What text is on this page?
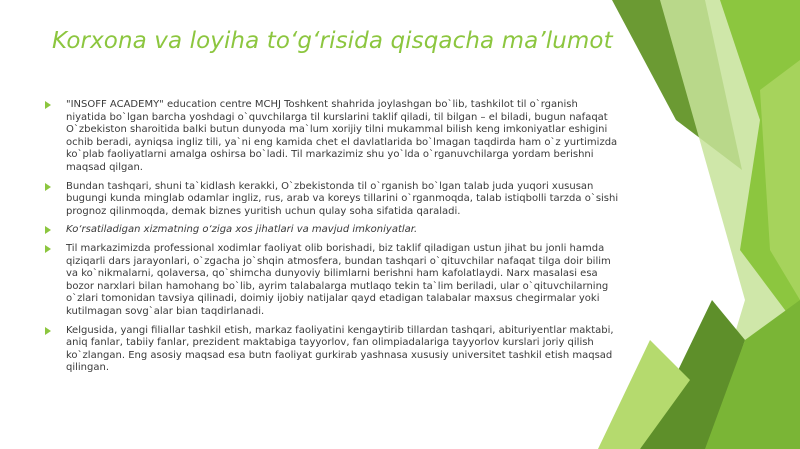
Korxona va loyiha to‘g‘risida qisqacha ma’lumot
"INSOFF ACADEMY" education centre MCHJ Toshkent shahrida joylashgan bo`lib, tashkilot til o`rganish niyatida bo`lgan barcha yoshdagi o`quvchilarga til kurslarini taklif qiladi, til bilgan – el biladi, bugun nafaqat O`zbekiston sharoitida balki butun dunyoda ma`lum xorijiy tilni mukammal bilish keng imkoniyatlar eshigini ochib beradi, ayniqsa ingliz tili, ya`ni eng kamida chet el davlatlarida bo`lmagan taqdirda ham o`z yurtimizda ko`plab faoliyatlarni amalga oshirsa bo`ladi. Til markazimiz shu yo`lda o`rganuvchilarga yordam berishni maqsad qilgan.
Bundan tashqari, shuni ta`kidlash kerakki, O`zbekistonda til o`rganish bo`lgan talab juda yuqori xususan bugungi kunda minglab odamlar ingliz, rus, arab va koreys tillarini o`rganmoqda, talab istiqbolli tarzda o`sishi prognoz qilinmoqda, demak biznes yuritish uchun qulay soha sifatida qaraladi.
Ko‘rsatiladigan xizmatning o‘ziga xos jihatlari va mavjud imkoniyatlar.
Til markazimizda professional xodimlar faoliyat olib borishadi, biz taklif qiladigan ustun jihat bu jonli hamda qiziqarli dars jarayonlari, o`zgacha jo`shqin atmosfera, bundan tashqari o`qituvchilar nafaqat tilga doir bilim va ko`nikmalarni, qolaversa, qo`shimcha dunyoviy bilimlarni berishni ham kafolatlaydi. Narx masalasi esa bozor narxlari bilan hamohang bo`lib, ayrim talabalarga mutlaqo tekin ta`lim beriladi, ular o`qituvchilarning o`zlari tomonidan tavsiya qilinadi, doimiy ijobiy natijalar qayd etadigan talabalar maxsus chegirmalar yoki kutilmagan sovg`alar bian taqdirlanadi.
Kelgusida, yangi filiallar tashkil etish, markaz faoliyatini kengaytirib tillardan tashqari, abituriyentlar maktabi, aniq fanlar, tabiiy fanlar, prezident maktabiga tayyorlov, fan olimpiadalariga tayyorlov kurslari joriy qilish ko`zlangan. Eng asosiy maqsad esa butn faoliyat gurkirab yashnasa xususiy universitet tashkil etish maqsad qilingan.
